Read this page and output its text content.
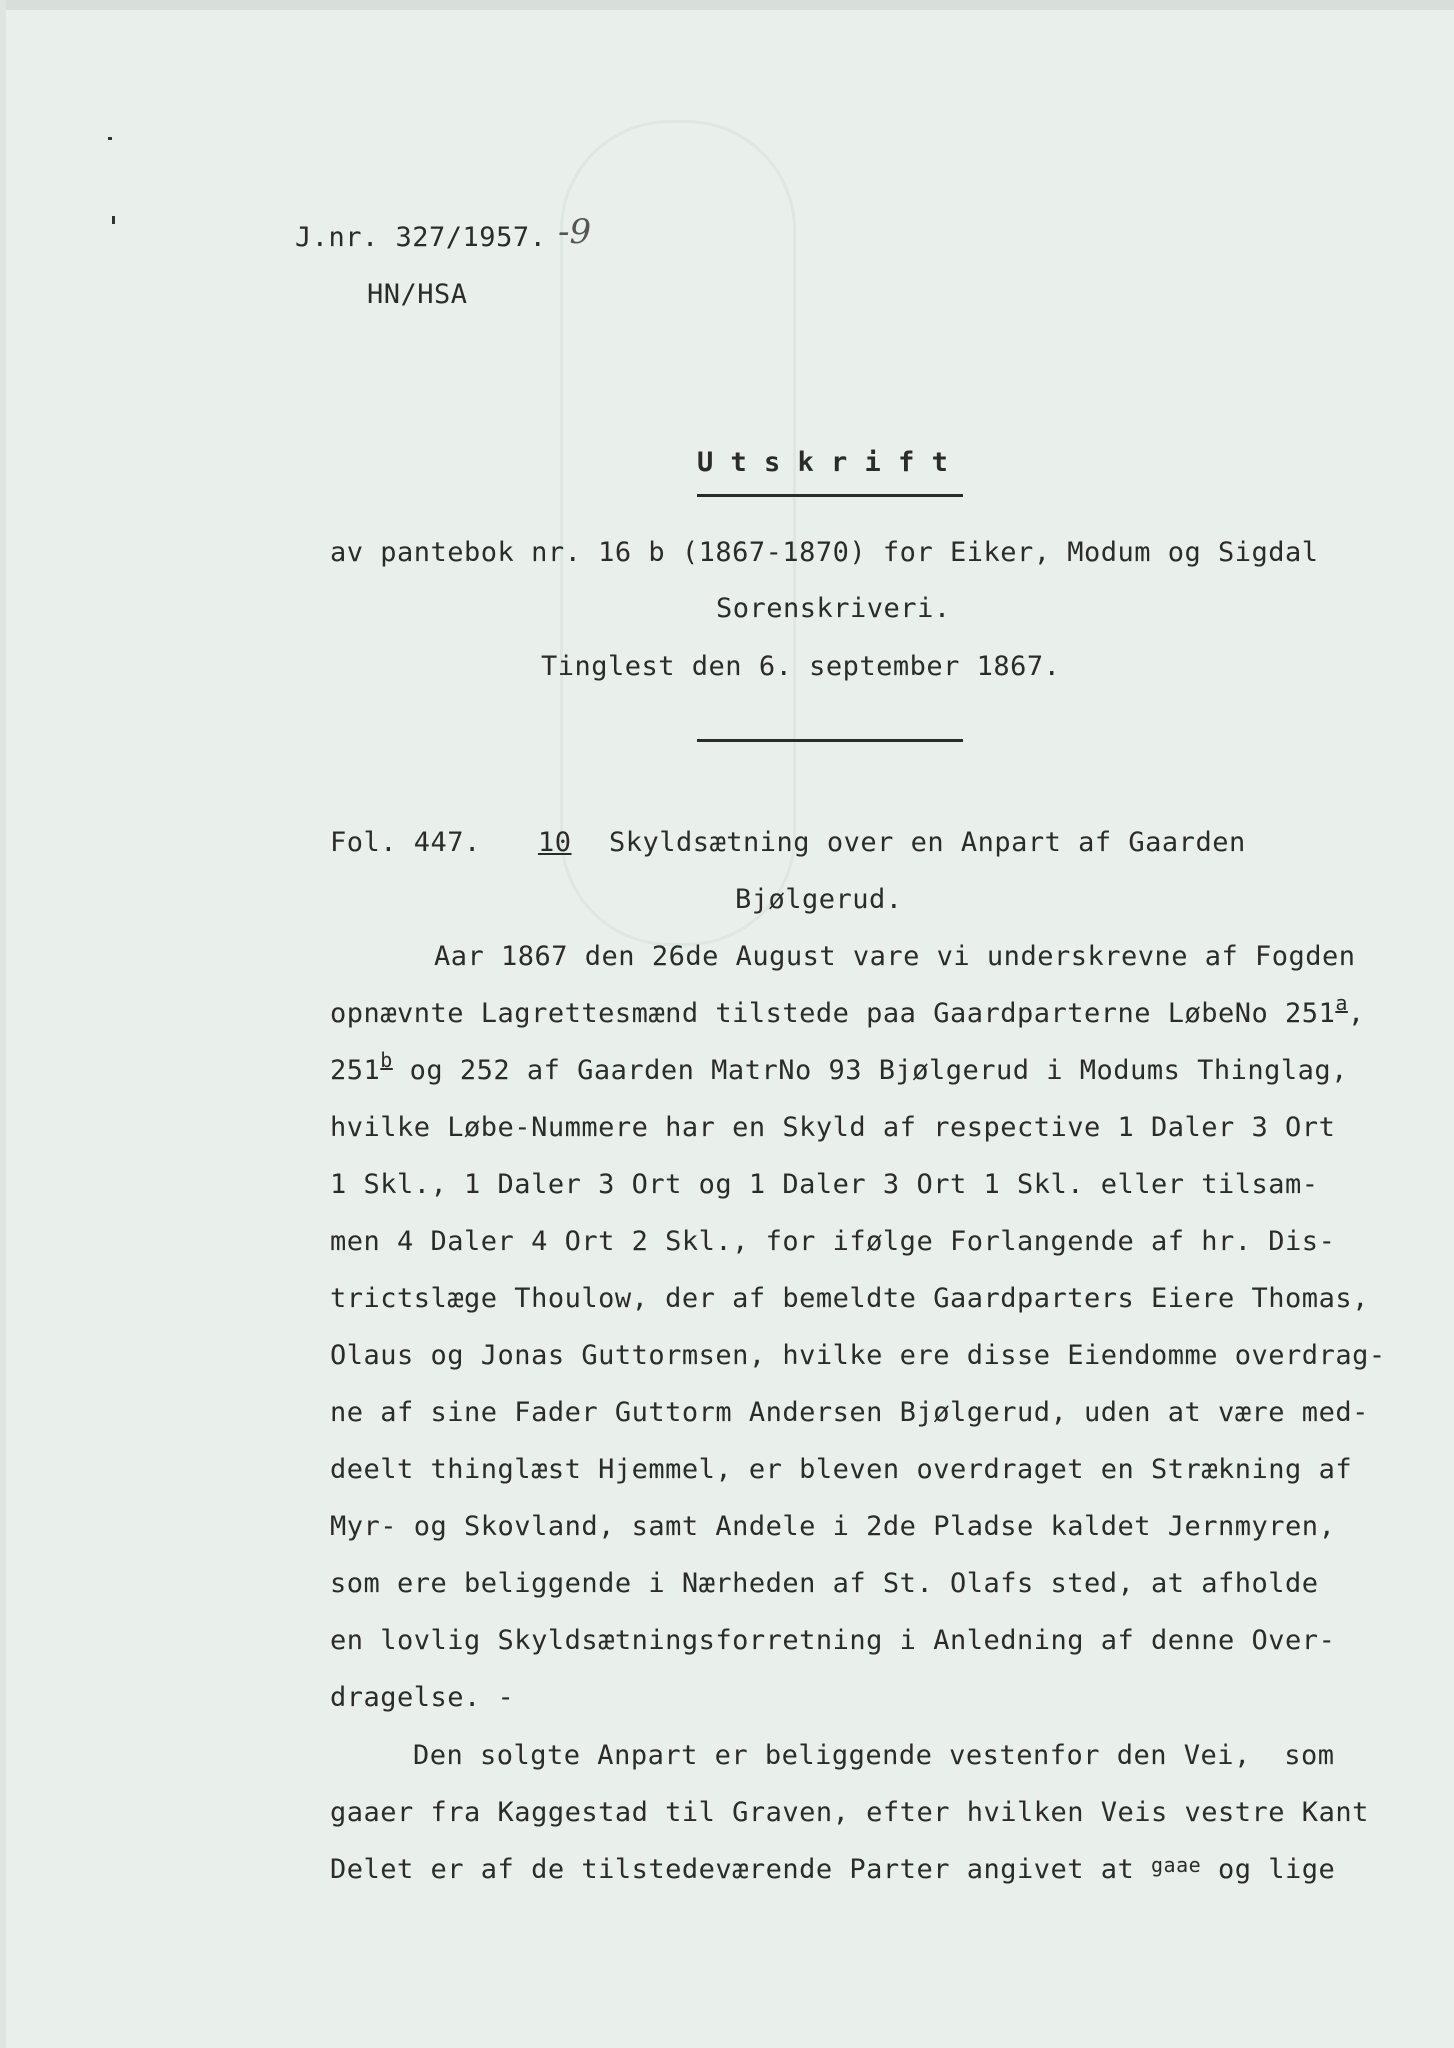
J.nr. 327/1957. -9
HN/HSA
U t s k r i f t
av pantebok nr. 16 b (1867-1870) for Eiker, Modum og Sigdal
Sorenskriveri.
Tinglest den 6. september 1867.
Fol. 447. 10 Skyldsætning over en Anpart af Gaarden
Bjølgerud.
Aar 1867 den 26de August vare vi underskrevne af Fogden
opnævnte Lagrettesmænd tilstede paa Gaardparterne LøbeNo 251$^a$,
251$^b$ og 252 af Gaarden MatrNo 93 Bjølgerud i Modums Thinglag,
hvilke Løbe-Nummere har en Skyld af respective 1 Daler 3 Ort
1 Skl., 1 Daler 3 Ort og 1 Daler 3 Ort 1 Skl. eller tilsam-
men 4 Daler 4 Ort 2 Skl., for ifølge Forlangende af hr. Dis-
trictslæge Thoulow, der af bemeldte Gaardparters Eiere Thomas,
Olaus og Jonas Guttormsen, hvilke ere disse Eiendomme overdrag-
ne af sine Fader Guttorm Andersen Bjølgerud, uden at være med-
deelt thinglæst Hjemmel, er bleven overdraget en Strækning af
Myr- og Skovland, samt Andele i 2de Pladse kaldet Jernmyren,
som ere beliggende i Nærheden af St. Olafs sted, at afholde
en lovlig Skyldsætningsforretning i Anledning af denne Over-
dragelse. -
Den solgte Anpart er beliggende vestenfor den Vei,  som
gaaer fra Kaggestad til Graven, efter hvilken Veis vestre Kant
Delet er af de tilstedeværende Parter angivet at $^{gaae}$ og lige
